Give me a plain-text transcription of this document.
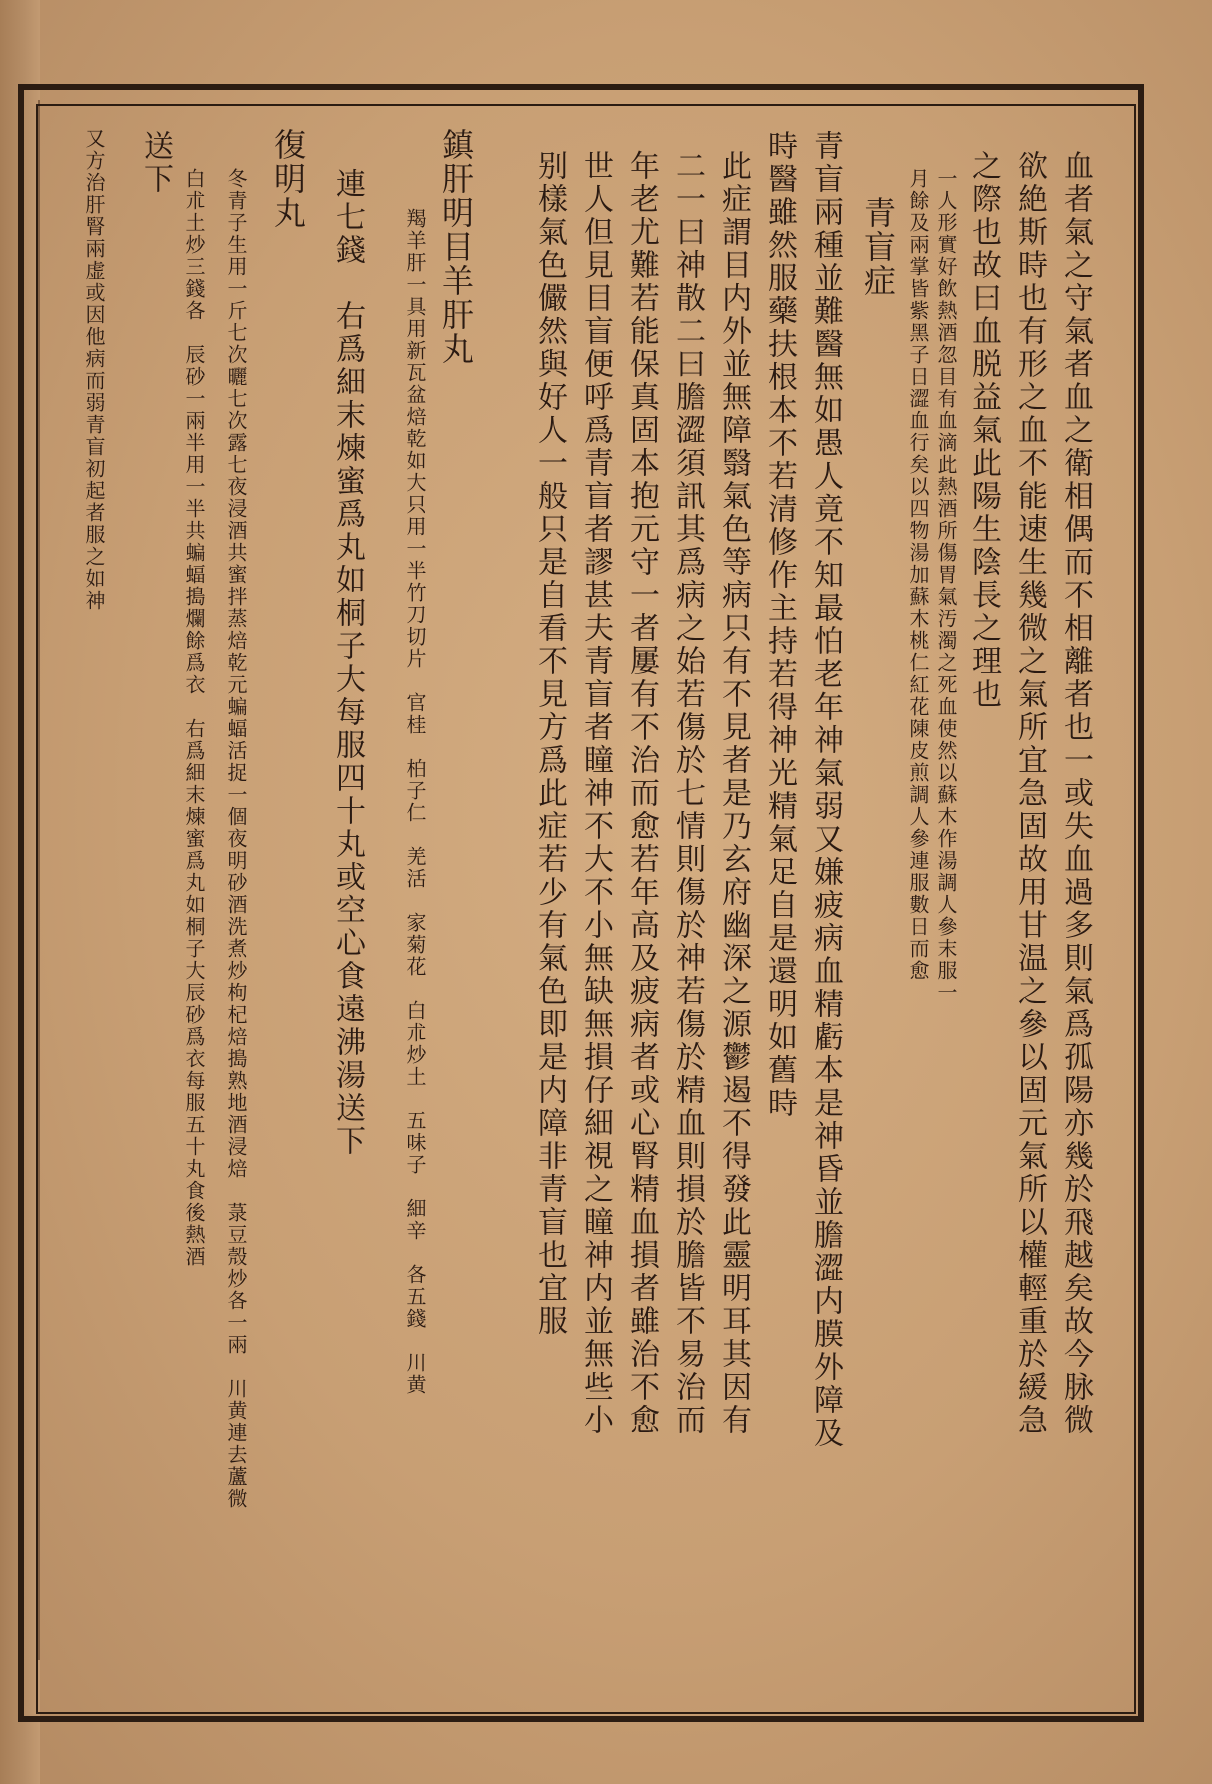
血者氣之守氣者血之衛相偶而不相離者也一或失血過多則氣爲孤陽亦幾於飛越矣故今脉微
欲絶斯時也有形之血不能速生幾微之氣所宜急固故用甘温之參以固元氣所以權輕重於緩急
之際也故曰血脱益氣此陽生陰長之理也
一人形實好飲熱酒忽目有血滴此熱酒所傷胃氣汚濁之死血使然以蘇木作湯調人參末服一
月餘及兩掌皆紫黑子日澀血行矣以四物湯加蘇木桃仁紅花陳皮煎調人參連服數日而愈
青盲症
青盲兩種並難醫無如愚人竟不知最怕老年神氣弱又嫌疲病血精虧本是神昏並膽澀内膜外障及
時醫雖然服藥扶根本不若清修作主持若得神光精氣足自是還明如舊時
此症謂目内外並無障翳氣色等病只有不見者是乃玄府幽深之源鬱遏不得發此靈明耳其因有
二一曰神散二曰膽澀須訊其爲病之始若傷於七情則傷於神若傷於精血則損於膽皆不易治而
年老尤難若能保真固本抱元守一者屢有不治而愈若年高及疲病者或心腎精血損者雖治不愈
世人但見目盲便呼爲青盲者謬甚夫青盲者瞳神不大不小無缺無損仔細視之瞳神内並無些小
别樣氣色儼然與好人一般只是自看不見方爲此症若少有氣色即是内障非青盲也宜服
鎮肝明目羊肝丸
羯羊肝一具用新瓦盆焙乾如大只用一半竹刀切片　官桂　柏子仁　羌活　家菊花　白朮炒土　五味子　細辛　各五錢　川黄
連七錢　右爲細末煉蜜爲丸如桐子大每服四十丸或空心食遠沸湯送下
復明丸
冬青子生用一斤七次曬七次露七夜浸酒共蜜拌蒸焙乾元蝙蝠活捉一個夜明砂酒洗煮炒枸杞焙搗熟地酒浸焙　菉豆殼炒各一兩　川黄連去蘆微
白朮土炒三錢各　辰砂一兩半用一半共蝙蝠搗爛餘爲衣　右爲細末煉蜜爲丸如桐子大辰砂爲衣每服五十丸食後熱酒
送下
又方治肝腎兩虚或因他病而弱青盲初起者服之如神
